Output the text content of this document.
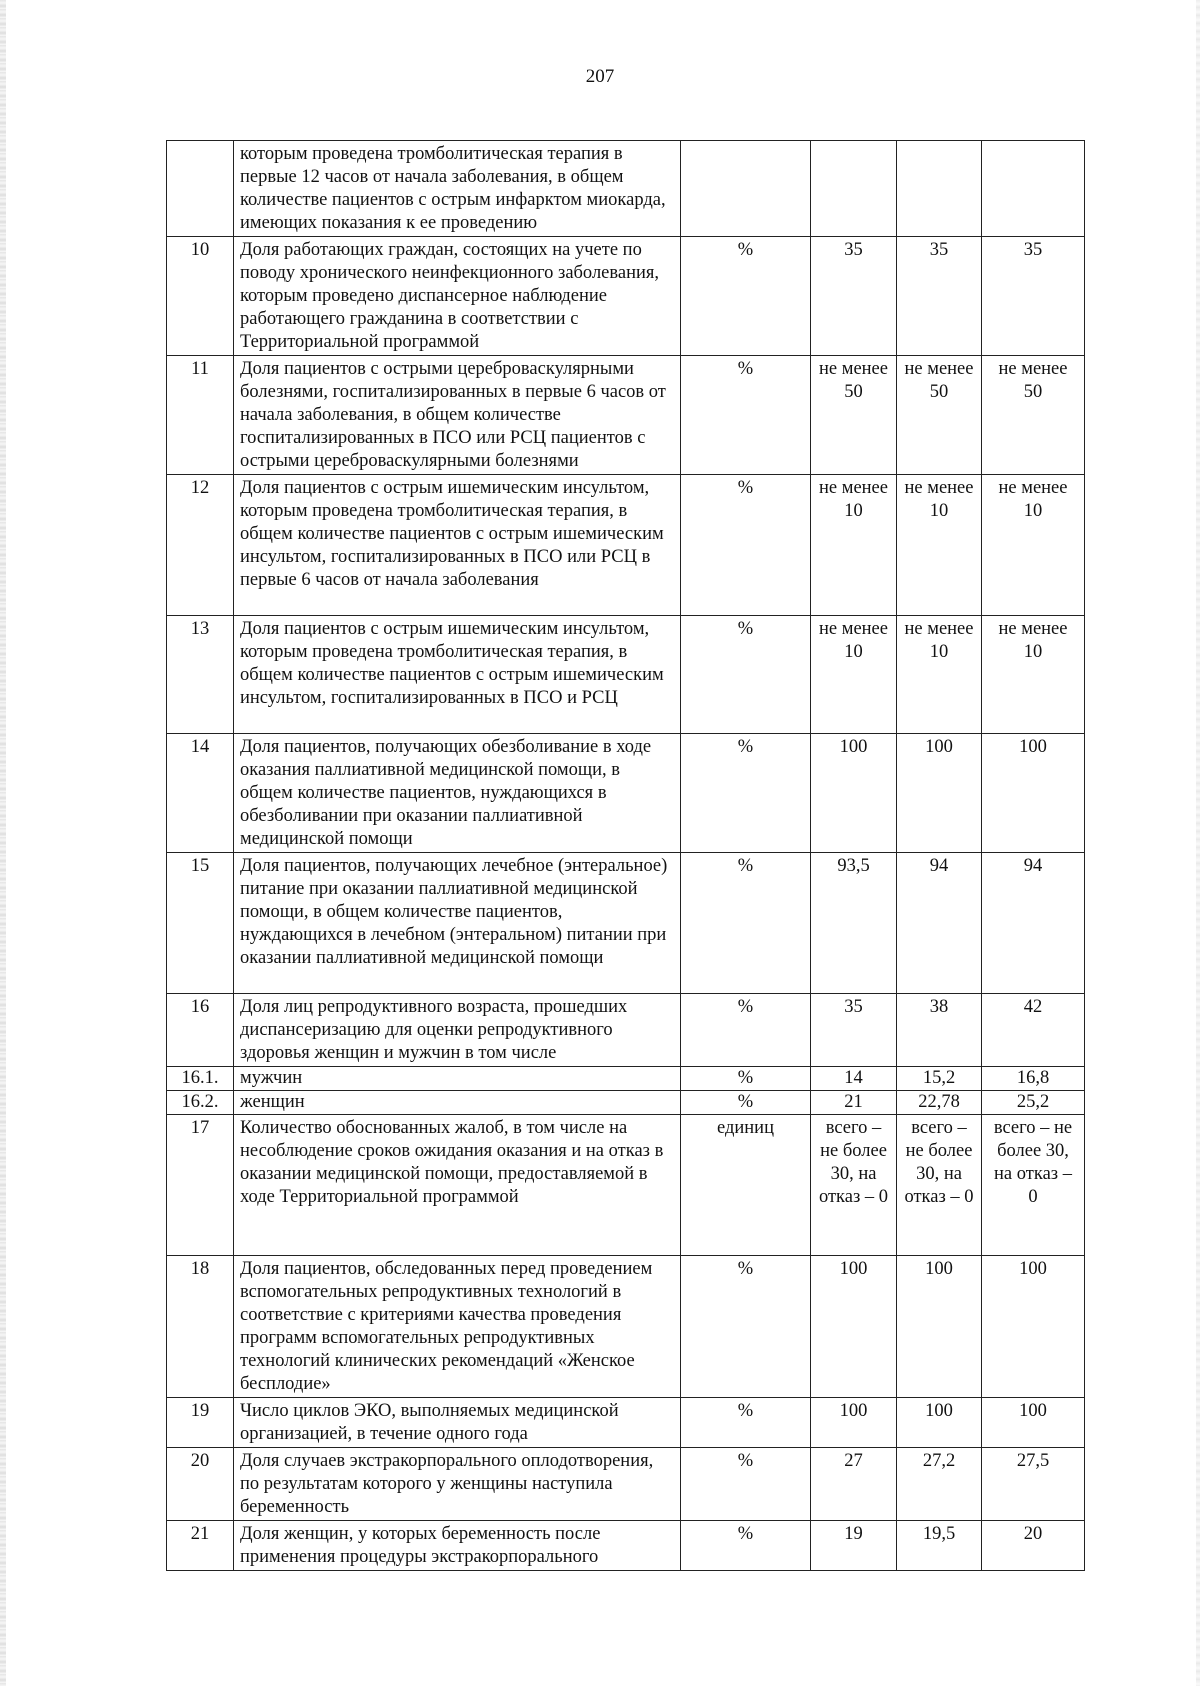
207
	которым проведена тромболитическая терапия в первые 12 часов от начала заболевания, в общем количестве пациентов с острым инфарктом миокарда, имеющих показания к ее проведению				
10	Доля работающих граждан, состоящих на учете по поводу хронического неинфекционного заболевания, которым проведено диспансерное наблюдение работающего гражданина в соответствии с Территориальной программой	%	35	35	35
11	Доля пациентов с острыми цереброваскулярными болезнями, госпитализированных в первые 6 часов от начала заболевания, в общем количестве госпитализированных в ПСО или РСЦ пациентов с острыми цереброваскулярными болезнями	%	не менее 50	не менее 50	не менее 50
12	Доля пациентов с острым ишемическим инсультом, которым проведена тромболитическая терапия, в общем количестве пациентов с острым ишемическим инсультом, госпитализированных в ПСО или РСЦ в первые 6 часов от начала заболевания	%	не менее 10	не менее 10	не менее 10
13	Доля пациентов с острым ишемическим инсультом, которым проведена тромболитическая терапия, в общем количестве пациентов с острым ишемическим инсультом, госпитализированных в ПСО и РСЦ	%	не менее 10	не менее 10	не менее 10
14	Доля пациентов, получающих обезболивание в ходе оказания паллиативной медицинской помощи, в общем количестве пациентов, нуждающихся в обезболивании при оказании паллиативной медицинской помощи	%	100	100	100
15	Доля пациентов, получающих лечебное (энтеральное) питание при оказании паллиативной медицинской помощи, в общем количестве пациентов, нуждающихся в лечебном (энтеральном) питании при оказании паллиативной медицинской помощи	%	93,5	94	94
16	Доля лиц репродуктивного возраста, прошедших диспансеризацию для оценки репродуктивного здоровья женщин и мужчин в том числе	%	35	38	42
16.1.	мужчин	%	14	15,2	16,8
16.2.	женщин	%	21	22,78	25,2
17	Количество обоснованных жалоб, в том числе на несоблюдение сроков ожидания оказания и на отказ в оказании медицинской помощи, предоставляемой в ходе Территориальной программой	единиц	всего – не более 30, на отказ – 0	всего – не более 30, на отказ – 0	всего – не более 30, на отказ – 0
18	Доля пациентов, обследованных перед проведением вспомогательных репродуктивных технологий в соответствие с критериями качества проведения программ вспомогательных репродуктивных технологий клинических рекомендаций «Женское бесплодие»	%	100	100	100
19	Число циклов ЭКО, выполняемых медицинской организацией, в течение одного года	%	100	100	100
20	Доля случаев экстракорпорального оплодотворения, по результатам которого у женщины наступила беременность	%	27	27,2	27,5
21	Доля женщин, у которых беременность после применения процедуры экстракорпорального	%	19	19,5	20
